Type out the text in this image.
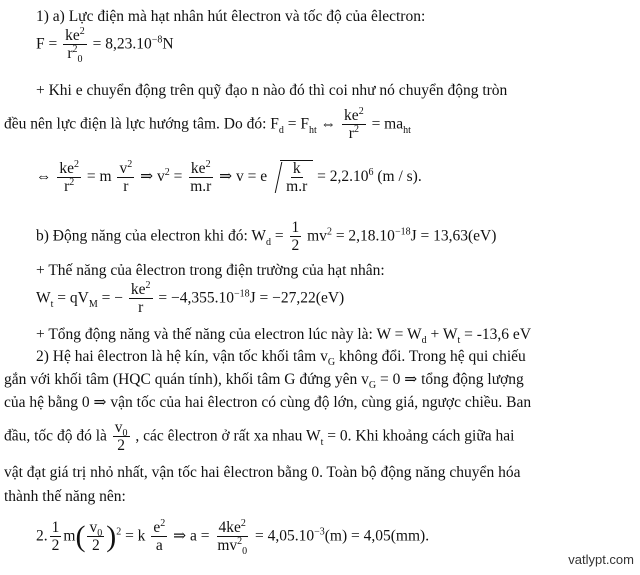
1) a) Lực điện mà hạt nhân hút êlectron và tốc độ của êlectron:
$F = \frac{ke^2}{r^2_0} = 8,23.10^{-8}N$
+ Khi e chuyển động trên quỹ đạo n nào đó thì coi như nó chuyển động tròn
đều nên lực điện là lực hướng tâm. Do đó: $F_d = F_{ht}$ ⇔ $\frac{ke^2}{r^2} = ma_{ht}$
⇔ $\frac{ke^2}{r^2} = m \frac{v^2}{r}$ ⇒ $v^2 = \frac{ke^2}{m.r}$ ⇒ v = e $\frac{k}{m.r} = 2,2.10^6$ (m / s).
b) Động năng của electron khi đó: $W_d = \frac{1}{2} mv^2 = 2,18.10^{-18}J = 13,63(eV)$
+ Thế năng của êlectron trong điện trường của hạt nhân:
$W_t = qV_M$ = − $\frac{ke^2}{r} = -4,355.10^{-18}J = -27,22(eV)$
+ Tổng động năng và thế năng của electron lúc này là: $W = W_d + W_t = -13,6$ eV
2) Hệ hai êlectron là hệ kín, vận tốc khối tâm $v_G$ không đổi. Trong hệ qui chiếu
gắn với khối tâm (HQC quán tính), khối tâm G đứng yên $v_G = 0$ ⇒ tổng động lượng
của hệ bằng 0 ⇒ vận tốc của hai êlectron có cùng độ lớn, cùng giá, ngược chiều. Ban
đầu, tốc độ đó là $\frac{v_0}{2}$ , các êlectron ở rất xa nhau $W_t = 0$. Khi khoảng cách giữa hai
vật đạt giá trị nhỏ nhất, vận tốc hai êlectron bằng 0. Toàn bộ động năng chuyển hóa
thành thế năng nên:
2. $\frac{1}{2} m( \frac{v_0}{2} )^2 = k \frac{e^2}{a}$ ⇒ $a = \frac{4ke^2}{mv^2_0} = 4,05.10^{-3}(m) = 4,05(mm)$.
vatlypt.com
